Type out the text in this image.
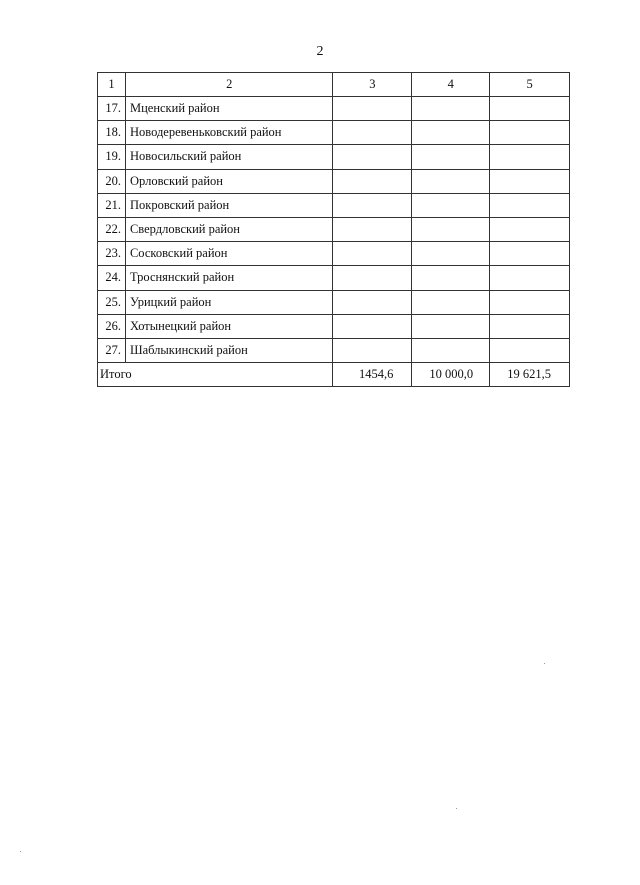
2
1	2	3	4	5
17.	Мценский район			
18.	Новодеревеньковский район			
19.	Новосильский район			
20.	Орловский район			
21.	Покровский район			
22.	Свердловский район			
23.	Сосковский район			
24.	Троснянский район			
25.	Урицкий район			
26.	Хотынецкий район			
27.	Шаблыкинский район			
Итого		1454,6	10 000,0	19 621,5
